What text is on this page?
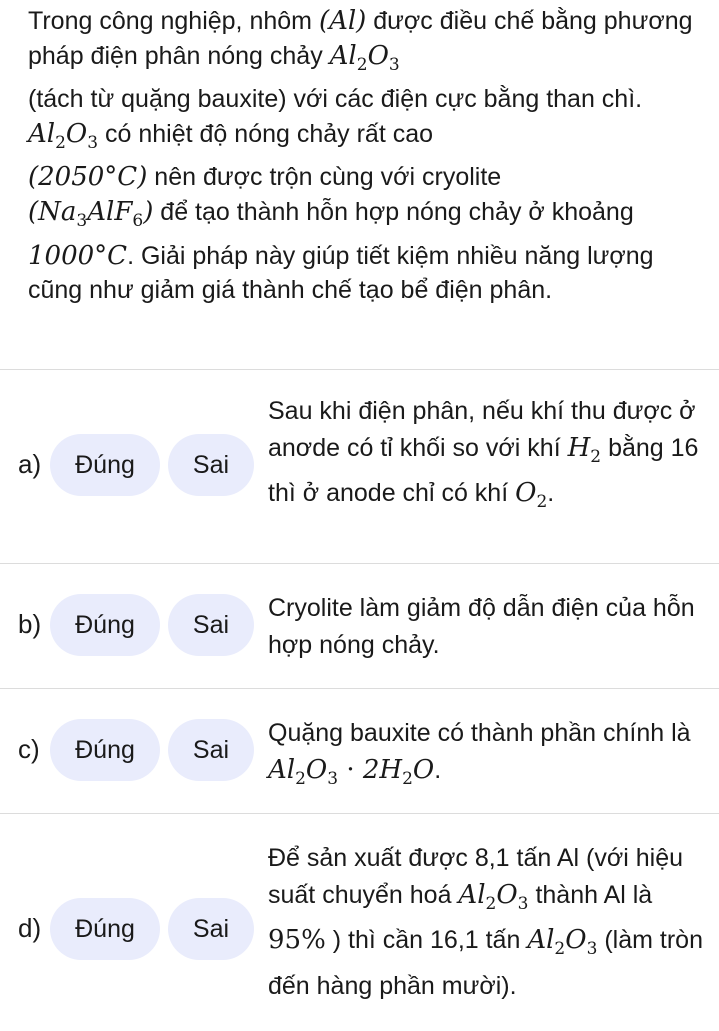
Trong công nghiệp, nhôm (Al) được điều chế bằng phương pháp điện phân nóng chảy $Al_2O_3$
(tách từ quặng bauxite) với các điện cực bằng than chì. $Al_2O_3$ có nhiệt độ nóng chảy rất cao
(2050°C) nên được trộn cùng với cryolite
$(Na_3AlF_6)$ để tạo thành hỗn hợp nóng chảy ở khoảng 1000°C. Giải pháp này giúp tiết kiệm nhiều năng lượng cũng như giảm giá thành chế tạo bể điện phân.
a)	Đúng	Sai
Sau khi điện phân, nếu khí thu được ở anơde có tỉ khối so với khí $H_2$ bằng 16 thì ở anode chỉ có khí $O_2$.
b)	Đúng	Sai
Cryolite làm giảm độ dẫn điện của hỗn hợp nóng chảy.
c)	Đúng	Sai
Quặng bauxite có thành phần chính là $Al_2O_3 \cdot 2H_2O$.
d)	Đúng	Sai
Để sản xuất được 8,1 tấn Al (với hiệu suất chuyển hoá $Al_2O_3$ thành Al là 95% ) thì cần 16,1 tấn $Al_2O_3$ (làm tròn đến hàng phần mười).
